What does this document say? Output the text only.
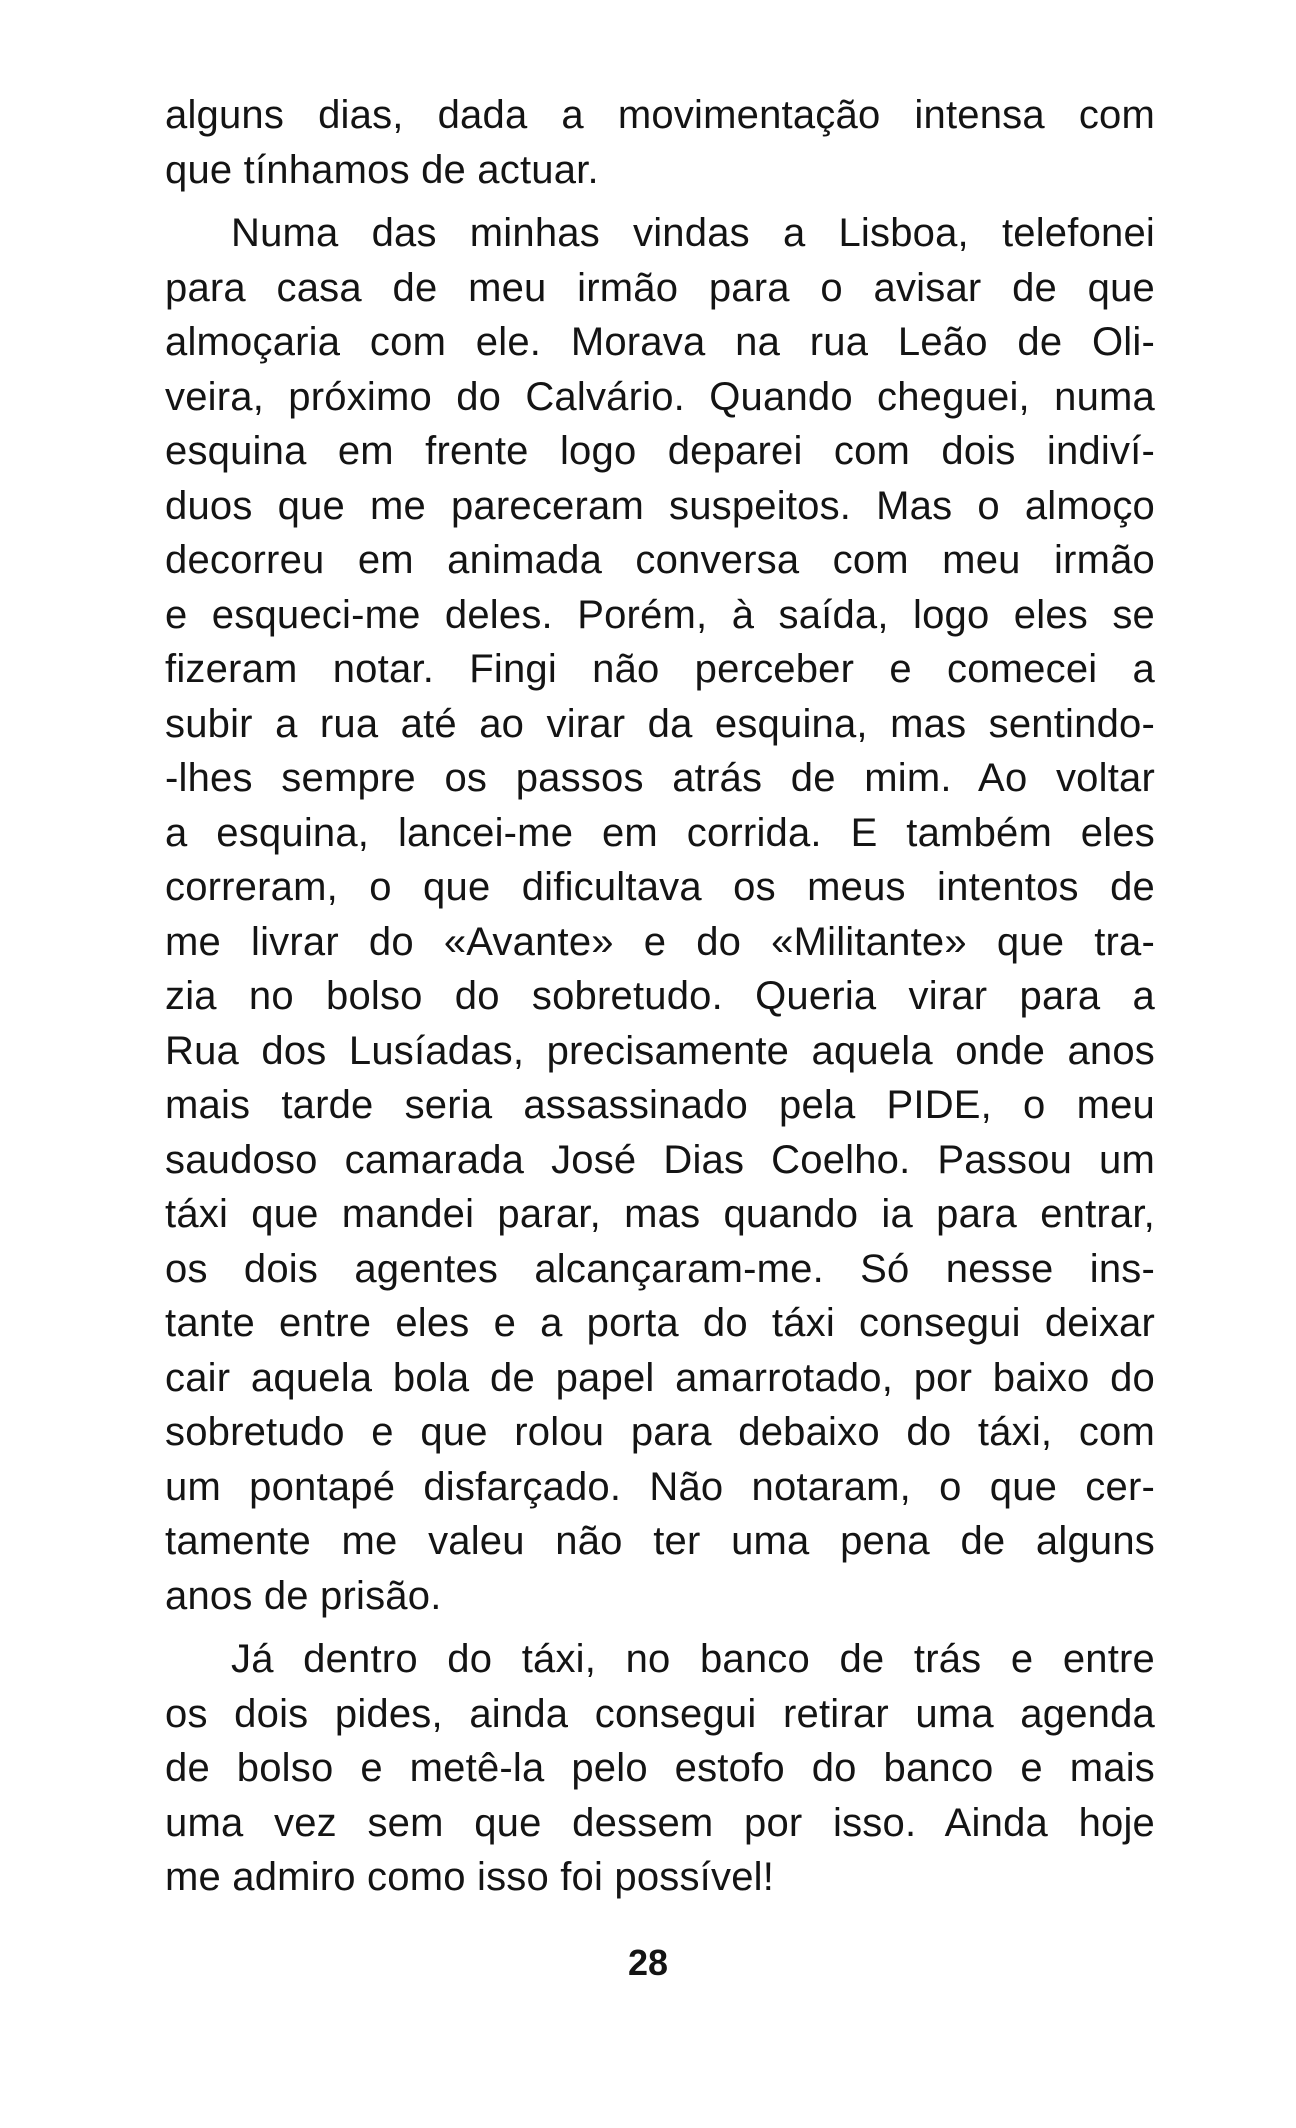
alguns dias, dada a movimentação intensa com
que tínhamos de actuar.
Numa das minhas vindas a Lisboa, telefonei
para casa de meu irmão para o avisar de que
almoçaria com ele. Morava na rua Leão de Oli-
veira, próximo do Calvário. Quando cheguei, numa
esquina em frente logo deparei com dois indiví-
duos que me pareceram suspeitos. Mas o almoço
decorreu em animada conversa com meu irmão
e esqueci-me deles. Porém, à saída, logo eles se
fizeram notar. Fingi não perceber e comecei a
subir a rua até ao virar da esquina, mas sentindo-
-lhes sempre os passos atrás de mim. Ao voltar
a esquina, lancei-me em corrida. E também eles
correram, o que dificultava os meus intentos de
me livrar do «Avante» e do «Militante» que tra-
zia no bolso do sobretudo. Queria virar para a
Rua dos Lusíadas, precisamente aquela onde anos
mais tarde seria assassinado pela PIDE, o meu
saudoso camarada José Dias Coelho. Passou um
táxi que mandei parar, mas quando ia para entrar,
os dois agentes alcançaram-me. Só nesse ins-
tante entre eles e a porta do táxi consegui deixar
cair aquela bola de papel amarrotado, por baixo do
sobretudo e que rolou para debaixo do táxi, com
um pontapé disfarçado. Não notaram, o que cer-
tamente me valeu não ter uma pena de alguns
anos de prisão.
Já dentro do táxi, no banco de trás e entre
os dois pides, ainda consegui retirar uma agenda
de bolso e metê-la pelo estofo do banco e mais
uma vez sem que dessem por isso. Ainda hoje
me admiro como isso foi possível!
28
